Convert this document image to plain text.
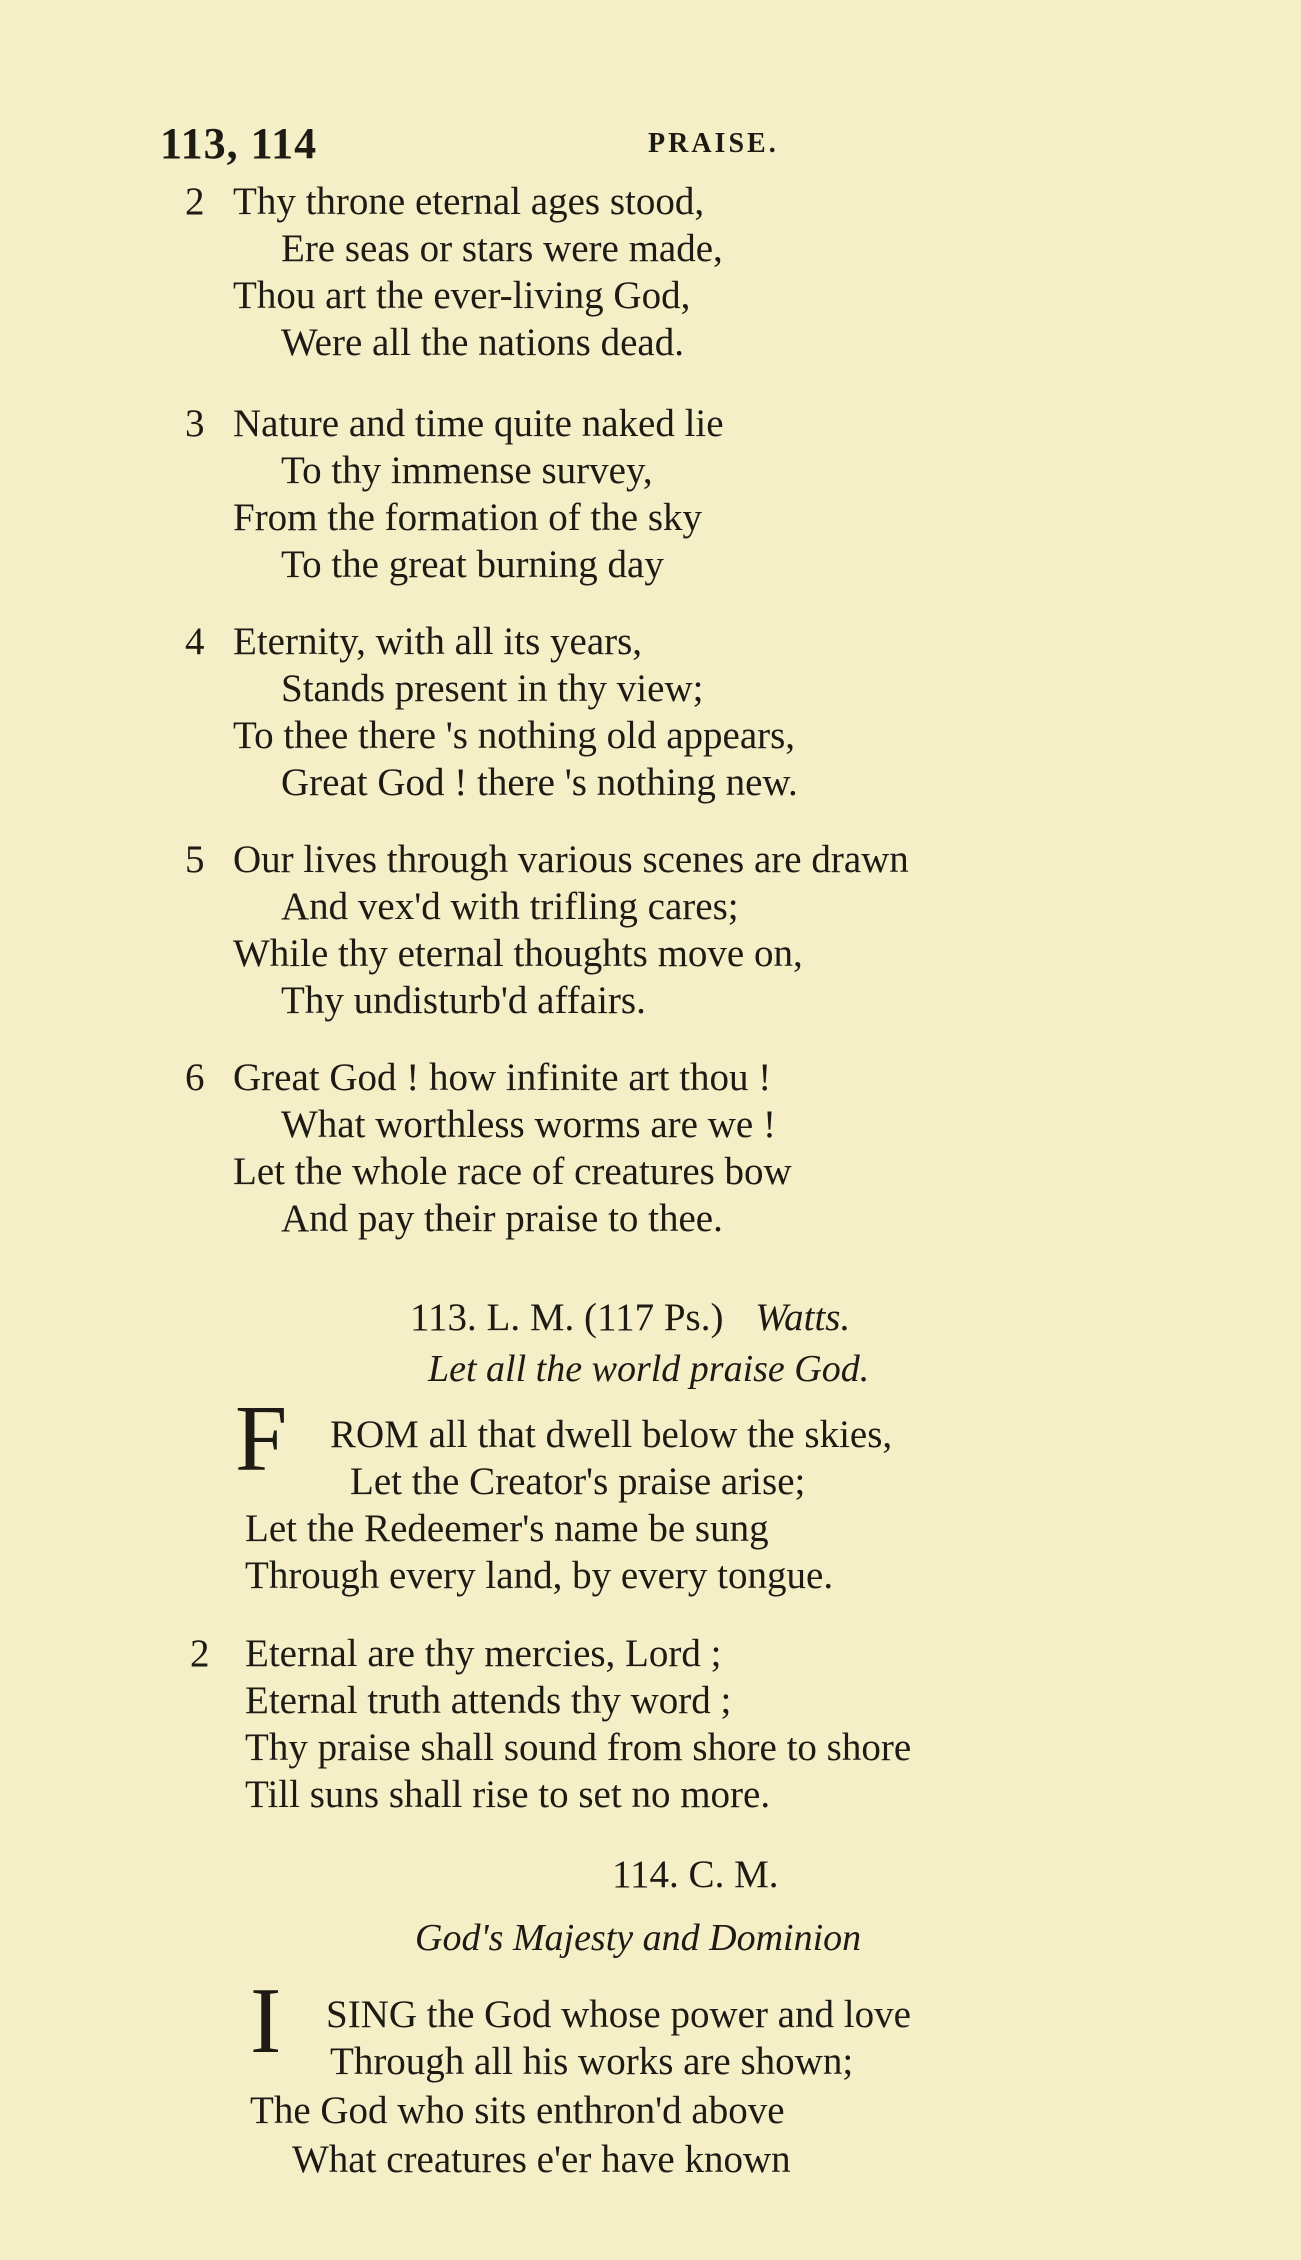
113, 114	PRAISE.
2 Thy throne eternal ages stood,
Ere seas or stars were made,
Thou art the ever-living God,
Were all the nations dead.
3 Nature and time quite naked lie
To thy immense survey,
From the formation of the sky
To the great burning day
4 Eternity, with all its years,
Stands present in thy view;
To thee there 's nothing old appears,
Great God ! there 's nothing new.
5 Our lives through various scenes are drawn
And vex'd with trifling cares;
While thy eternal thoughts move on,
Thy undisturb'd affairs.
6 Great God ! how infinite art thou !
What worthless worms are we !
Let the whole race of creatures bow
And pay their praise to thee.
113. L. M. (117 Ps.) Watts.
Let all the world praise God.
F ROM all that dwell below the skies,
Let the Creator's praise arise;
Let the Redeemer's name be sung
Through every land, by every tongue.
2 Eternal are thy mercies, Lord ;
Eternal truth attends thy word ;
Thy praise shall sound from shore to shore
Till suns shall rise to set no more.
114. C. M.
God's Majesty and Dominion
I SING the God whose power and love
Through all his works are shown;
The God who sits enthron'd above
What creatures e'er have known
